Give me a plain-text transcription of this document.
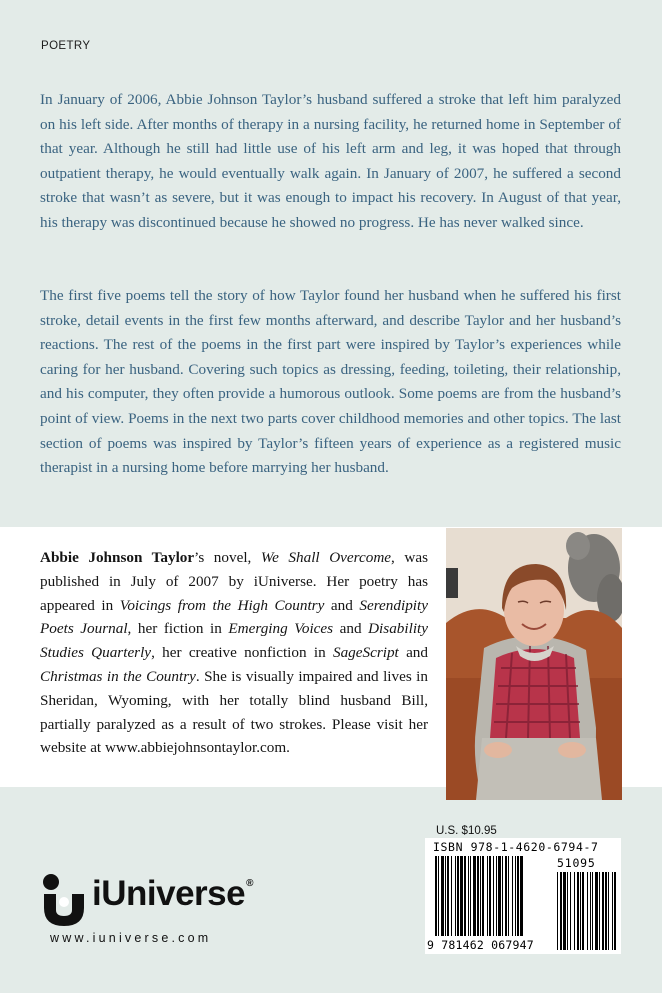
POETRY

In January of 2006, Abbie Johnson Taylor’s husband suffered a stroke that left him paralyzed on his left side. After months of therapy in a nursing facility, he returned home in September of that year. Although he still had little use of his left arm and leg, it was hoped that through outpatient therapy, he would eventually walk again. In January of 2007, he suffered a second stroke that wasn’t as severe, but it was enough to impact his recovery. In August of that year, his therapy was discontinued because he showed no progress. He has never walked since.

The first five poems tell the story of how Taylor found her husband when he suffered his first stroke, detail events in the first few months afterward, and describe Taylor and her husband’s reactions. The rest of the poems in the first part were inspired by Taylor’s experiences while caring for her husband. Covering such topics as dressing, feeding, toileting, their relationship, and his computer, they often provide a humorous outlook. Some poems are from the husband’s point of view. Poems in the next two parts cover childhood memories and other topics. The last section of poems was inspired by Taylor’s fifteen years of experience as a registered music therapist in a nursing home before marrying her husband.

Abbie Johnson Taylor’s novel, We Shall Overcome, was published in July of 2007 by iUniverse. Her poetry has appeared in Voicings from the High Country and Serendipity Poets Journal, her fiction in Emerging Voices and Disability Studies Quarterly, her creative nonfiction in SageScript and Christmas in the Country. She is visually impaired and lives in Sheridan, Wyoming, with her totally blind husband Bill, partially paralyzed as a result of two strokes. Please visit her website at www.abbiejohnsontaylor.com.

U.S. $10.95
ISBN 978-1-4620-6794-7
51095
9 781462 067947
iUniverse®
www.iuniverse.com
